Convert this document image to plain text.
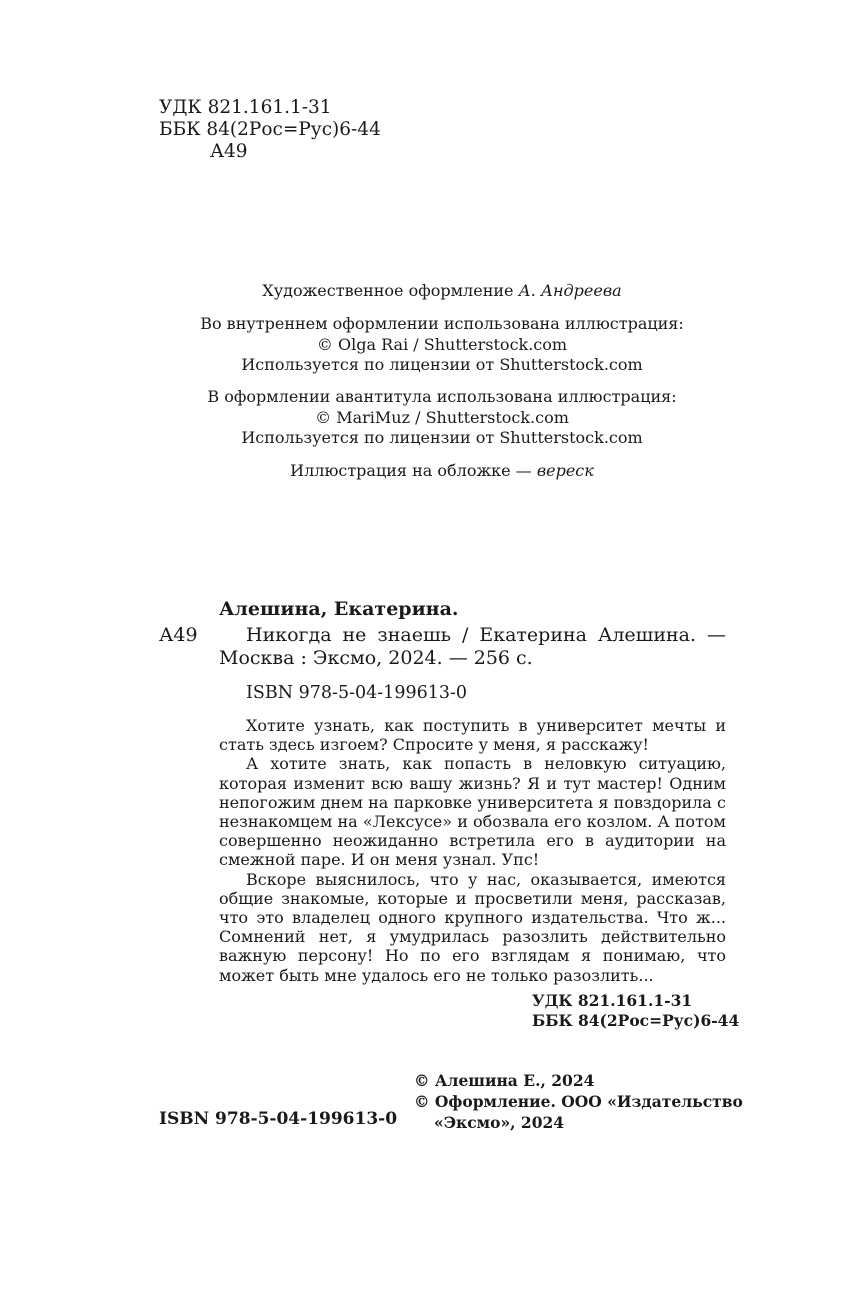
УДК 821.161.1-31
ББК 84(2Рос=Рус)6-44
А49
Художественное оформление А. Андреева
Во внутреннем оформлении использована иллюстрация:
© Olga Rai / Shutterstock.com
Используется по лицензии от Shutterstock.com
В оформлении авантитула использована иллюстрация:
© MariMuz / Shutterstock.com
Используется по лицензии от Shutterstock.com
Иллюстрация на обложке — вереск
Алешина, Екатерина.
А49	Никогда не знаешь / Екатерина Алешина. —
Москва : Эксмо, 2024. — 256 с.
ISBN 978-5-04-199613-0

Хотите узнать, как поступить в университет мечты и стать здесь изгоем? Спросите у меня, я расскажу!

А хотите знать, как попасть в неловкую ситуацию, которая изменит всю вашу жизнь? Я и тут мастер! Одним непогожим днем на парковке университета я повздорила с незнакомцем на «Лексусе» и обозвала его козлом. А потом совершенно неожиданно встретила его в аудитории на смежной паре. И он меня узнал. Упс!

Вскоре выяснилось, что у нас, оказывается, имеются общие знакомые, которые и просветили меня, рассказав, что это владелец одного крупного издательства. Что ж... Сомнений нет, я умудрилась разозлить действительно важную персону! Но по его взглядам я понимаю, что может быть мне удалось его не только разозлить...

УДК 821.161.1-31
ББК 84(2Рос=Рус)6-44
© Алешина Е., 2024
© Оформление. ООО «Издательство
«Эксмо», 2024
ISBN 978-5-04-199613-0
